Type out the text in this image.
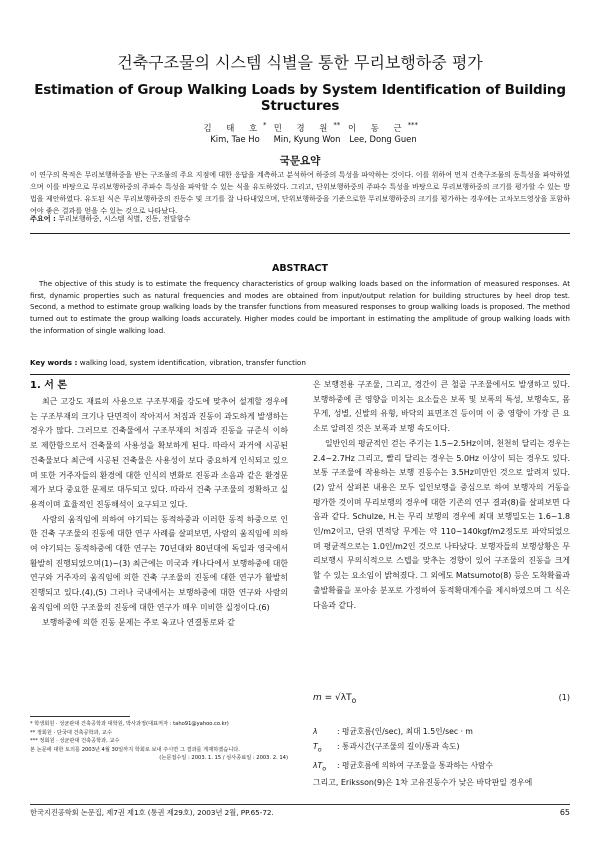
건축구조물의 시스템 식별을 통한 무리보행하중 평가
Estimation of Group Walking Loads by System Identification of Building Structures
김 태 호*
Kim, Tae Ho
민 경 원**
Min, Kyung Won
이 동 근***
Lee, Dong Guen
국문요약
이 연구의 목적은 무리보행하중을 받는 구조물의 주요 지점에 대한 응답을 계측하고 분석하여 하중의 특성을 파악하는 것이다. 이를 위하여 먼저 건축구조물의 동특성을 파악하였으며 이를 바탕으로 무리보행하중의 주파수 특성을 파악할 수 있는 식을 유도하였다. 그리고, 단위보행하중의 주파수 특성을 바탕으로 무리보행하중의 크기를 평가할 수 있는 방법을 제안하였다. 유도된 식은 무리보행하중의 진동수 및 크기를 잘 나타내었으며, 단위보행하중을 기준으로한 무리보행하중의 크기를 평가하는 경우에는 고차모드영상을 포함하여야 좋은 결과를 얻을 수 있는 것으로 나타났다.
주요어 : 무리보행하중, 시스템 식별, 진동, 전달함수
ABSTRACT
The objective of this study is to estimate the frequency characteristics of group walking loads based on the information of measured responses. At first, dynamic properties such as natural frequencies and modes are obtained from input/output relation for building structures by heel drop test. Second, a method to estimate group walking loads by the transfer functions from measured responses to group walking loads is proposed. The method turned out to estimate the group walking loads accurately. Higher modes could be important in estimating the amplitude of group walking loads with the information of single walking load.
Key words : walking load, system identification, vibration, transfer function
1. 서 론

최근 고강도 재료의 사용으로 구조부재를 강도에 맞추어 설계할 경우에는 구조부재의 크기나 단면적이 작아져서 처짐과 진동이 과도하게 발생하는 경우가 많다. 그러므로 건축물에서 구조부재의 처짐과 진동을 규준식 이하로 제한함으로서 건축물의 사용성을 확보하게 된다. 따라서 과거에 시공된 건축물보다 최근에 시공된 건축물은 사용성이 보다 중요하게 인식되고 있으며 또한 거주자들의 환경에 대한 인식의 변화로 진동과 소음과 같은 환경문제가 보다 중요한 문제로 대두되고 있다. 따라서 건축 구조물의 정확하고 실용적이며 효율적인 진동해석이 요구되고 있다.

사람의 움직임에 의하여 야기되는 동적하중과 이러한 동적 하중으로 인한 건축 구조물의 진동에 대한 연구 사례를 살펴보면, 사람의 움직임에 의하여 야기되는 동적하중에 대한 연구는 70년대와 80년대에 독일과 영국에서 활발히 진행되었으며(1)~(3) 최근에는 미국과 캐나다에서 보행하중에 대한 연구와 거주자의 움직임에 의한 건축 구조물의 진동에 대한 연구가 활발히 진행되고 있다.(4),(5) 그러나 국내에서는 보행하중에 대한 연구와 사람의 움직임에 의한 구조물의 진동에 대한 연구가 매우 미비한 실정이다.(6)

보행하중에 의한 진동 문제는 주로 육교나 연결통로와 같

* 학생회원 · 성균관대 건축공학과 대학원, 박사과정(대표저자 : taho91@yahoo.co.kr)
** 정회원 · 단국대 건축공학과, 교수
*** 정회원 · 성균관대 건축공학과, 교수
본 논문에 대한 토의를 2003년 4월 30일까지 학회로 보내 주시면 그 결과를 게재하겠습니다.
(논문접수일 : 2003. 1. 15 / 심사종료일 : 2003. 2. 14)

은 보행전용 구조물, 그리고, 경간이 큰 철골 구조물에서도 발생하고 있다. 보행하중에 큰 영향을 미치는 요소들은 보폭 및 보폭의 특성, 보행속도, 몸무게, 성별, 신발의 유형, 바닥의 표면조건 등이며 이 중 영향이 가장 큰 요소로 알려진 것은 보폭과 보행 속도이다.

일반인의 평균적인 걷는 주기는 1.5~2.5Hz이며, 천천히 달리는 경우는 2.4~2.7Hz 그리고, 빨리 달리는 경우는 5.0Hz 이상이 되는 경우도 있다. 보통 구조물에 작용하는 보행 진동수는 3.5Hz미만인 것으로 알려져 있다.(2) 앞서 살펴본 내용은 모두 일인보행을 중심으로 하여 보행자의 거동을 평가한 것이며 무리보행의 경우에 대한 기존의 연구 결과(8)를 살펴보면 다음과 같다. Schulze, H.는 무리 보행의 경우에 최대 보행밀도는 1.6~1.8인/m2이고, 단위 면적당 무게는 약 110~140kgf/m2정도로 파악되었으며 평균적으로는 1.0인/m2인 것으로 나타났다. 보행자들의 보행상황은 무리보행시 무의식적으로 스텝을 맞추는 경향이 있어 구조물의 진동을 크게 할 수 있는 요소임이 밝혀졌다. 그 외에도 Matsumoto(8) 등은 도착확률과 출발확률을 포아송 분포로 가정하여 동적확대계수를 제시하였으며 그 식은 다음과 같다.

$m = √\lambda T_o$	(1)
λ	: 평균호름(인/sec), 최대 1.5인/sec · m
$T_o$	: 통과시간(구조물의 길이/통과 속도)
$\lambda T_o$	: 평균호름에 의하여 구조물을 통과하는 사람수
그리고, Eriksson(9)은 1차 고유진동수가 낮은 바닥판일 경우에
한국지진공학회 논문집, 제7권 제1호 (통권 제29호), 2003년 2월, PP.65-72.	65
